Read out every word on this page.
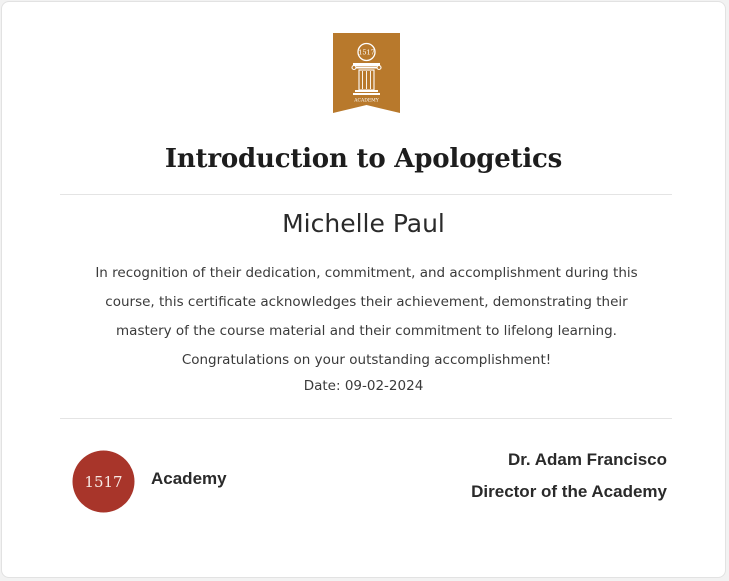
1517
ACADEMY
Introduction to Apologetics
Michelle Paul

In recognition of their dedication, commitment, and accomplishment during this

course, this certificate acknowledges their achievement, demonstrating their

mastery of the course material and their commitment to lifelong learning.

Congratulations on your outstanding accomplishment!

Date: 09-02-2024
1517 Academy
Dr. Adam Francisco
Director of the Academy
